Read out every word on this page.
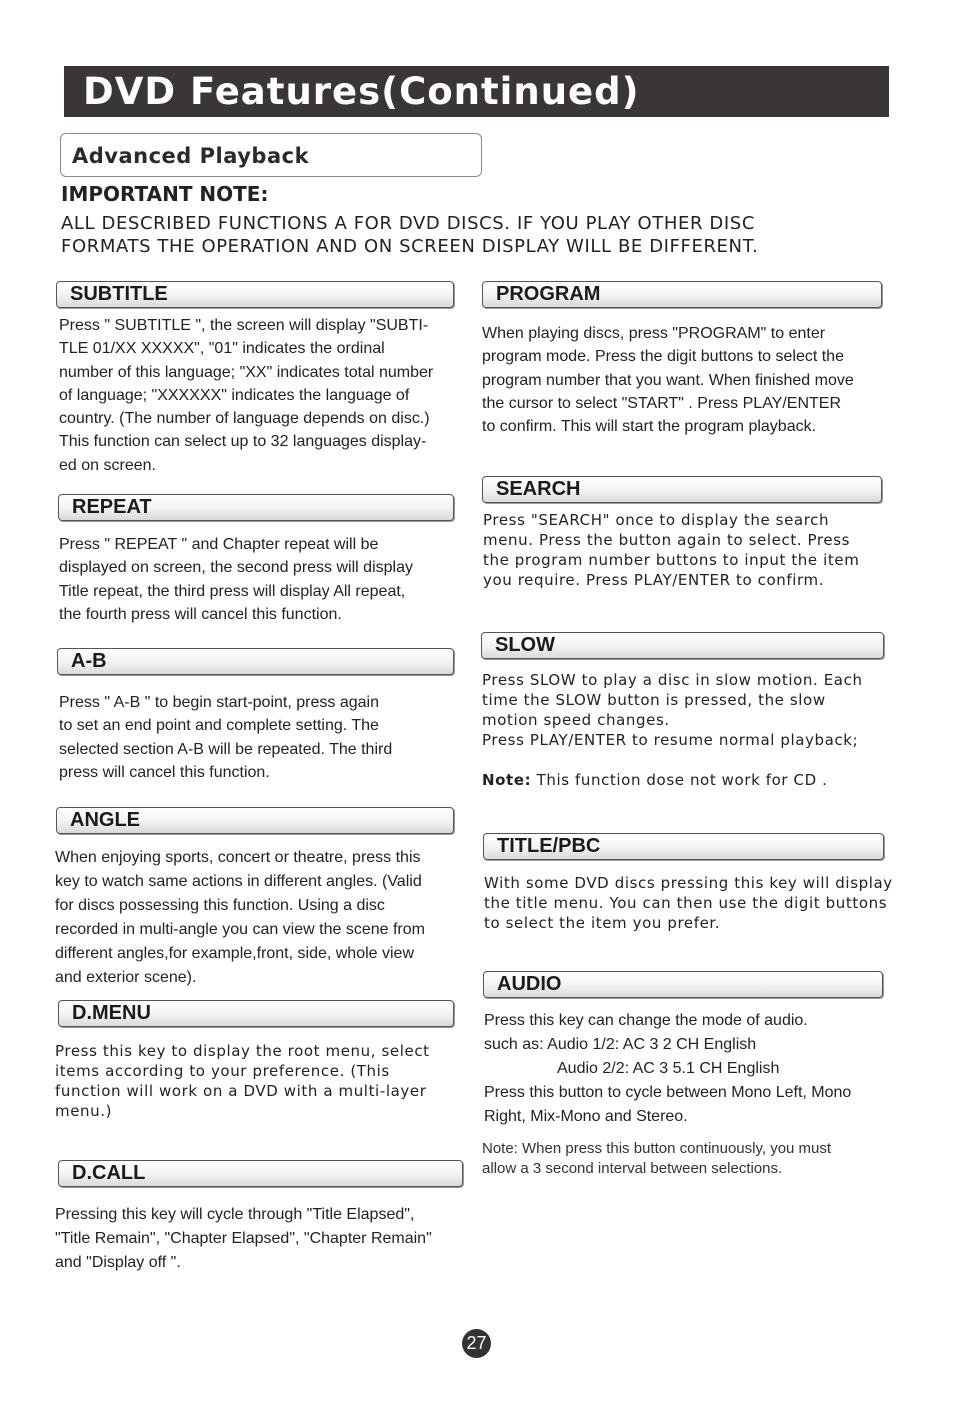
DVD Features(Continued)
Advanced Playback
IMPORTANT NOTE:
ALL DESCRIBED FUNCTIONS A FOR DVD DISCS. IF YOU PLAY OTHER DISC
FORMATS THE OPERATION AND ON SCREEN DISPLAY WILL BE DIFFERENT.
SUBTITLE
Press " SUBTITLE ", the screen will display "SUBTI-
TLE 01/XX XXXXX", "01" indicates the ordinal
number of this language; "XX" indicates total number
of language; "XXXXXX" indicates the language of
country. (The number of language depends on disc.)
This function can select up to 32 languages display-
ed on screen.
REPEAT
Press " REPEAT " and Chapter repeat will be
displayed on screen, the second press will display
Title repeat, the third press will display All repeat,
the fourth press will cancel this function.
A-B
Press " A-B " to begin start-point, press again
to set an end point and complete setting. The
selected section A-B will be repeated. The third
press will cancel this function.
ANGLE
When enjoying sports, concert or theatre, press this
key to watch same actions in different angles. (Valid
for discs possessing this function. Using a disc
recorded in multi-angle you can view the scene from
different angles,for example,front, side, whole view
and exterior scene).
D.MENU
Press this key to display the root menu, select
items according to your preference. (This
function will work on a DVD with a multi-layer
menu.)
D.CALL
Pressing this key will cycle through "Title Elapsed",
"Title Remain", "Chapter Elapsed", "Chapter Remain"
and "Display off ".
PROGRAM
When playing discs, press "PROGRAM" to enter
program mode. Press the digit buttons to select the
program number that you want. When finished move
the cursor to select "START" . Press PLAY/ENTER
to confirm. This will start the program playback.
SEARCH
Press "SEARCH" once to display the search
menu. Press the button again to select. Press
the program number buttons to input the item
you require. Press PLAY/ENTER to confirm.
SLOW
Press SLOW to play a disc in slow motion. Each
time the SLOW button is pressed, the slow
motion speed changes.
Press PLAY/ENTER to resume normal playback;
Note: This function dose not work for CD .
TITLE/PBC
With some DVD discs pressing this key will display
the title menu. You can then use the digit buttons
to select the item you prefer.
AUDIO
Press this key can change the mode of audio.
such as: Audio 1/2: AC 3 2 CH English
Audio 2/2: AC 3 5.1 CH English
Press this button to cycle between Mono Left, Mono
Right, Mix-Mono and Stereo.
Note: When press this button continuously, you must
allow a 3 second interval between selections.
27
